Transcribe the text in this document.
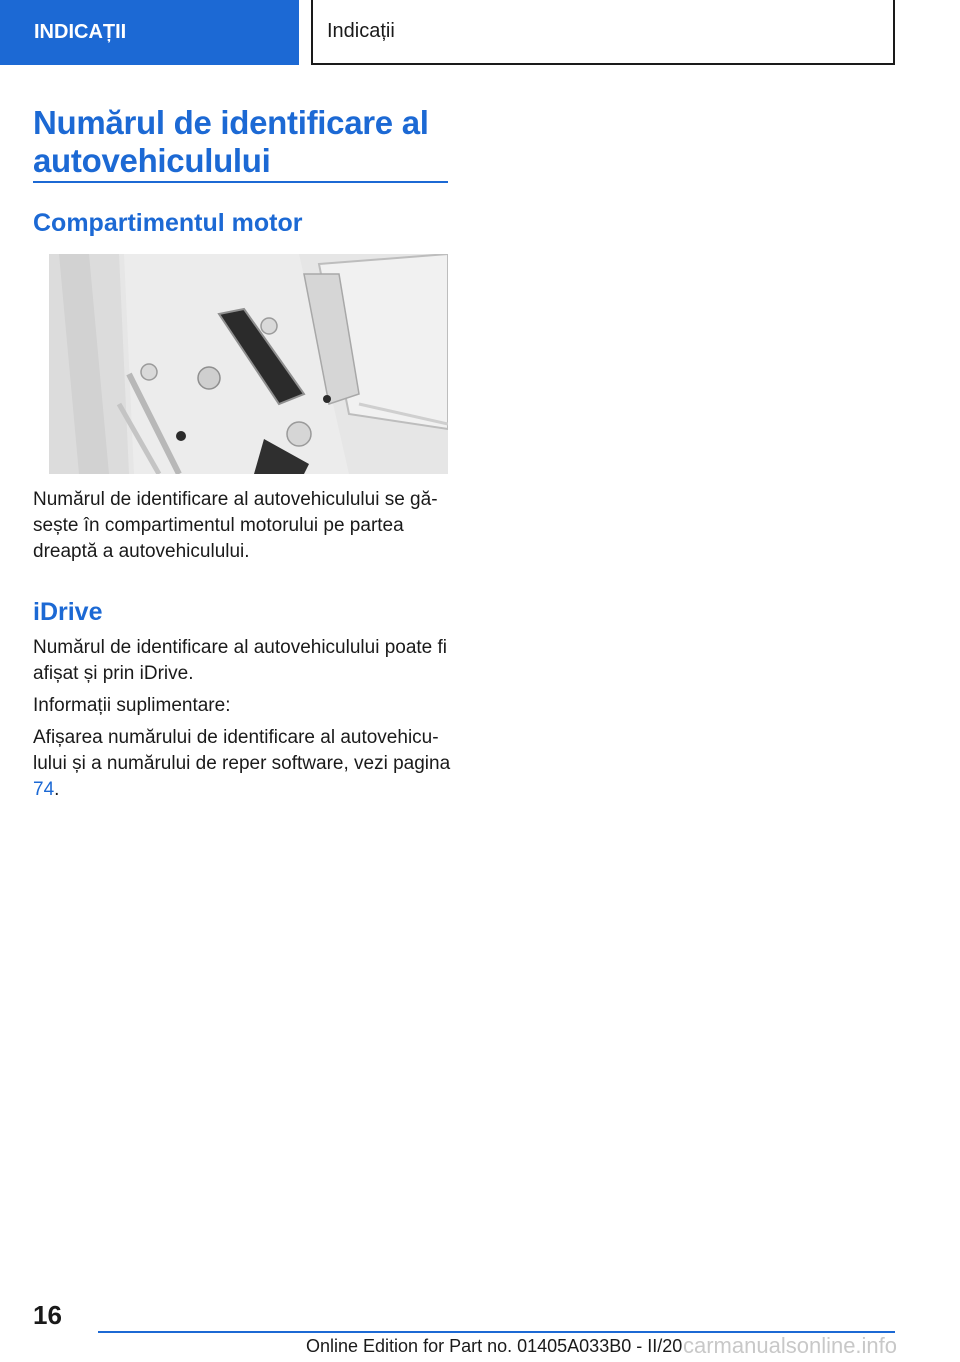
INDICAȚII	Indicații
Numărul de identificare al autovehiculului
Compartimentul motor

Numărul de identificare al autovehiculului se găsește în compartimentul motorului pe partea dreaptă a autovehiculului.

iDrive

Numărul de identificare al autovehiculului poate fi afișat și prin iDrive.

Informații suplimentare:

Afișarea numărului de identificare al autovehiculului și a numărului de reper software, vezi pagina 74.

16
Online Edition for Part no. 01405A033B0 - II/20 carmanualsonline.info
